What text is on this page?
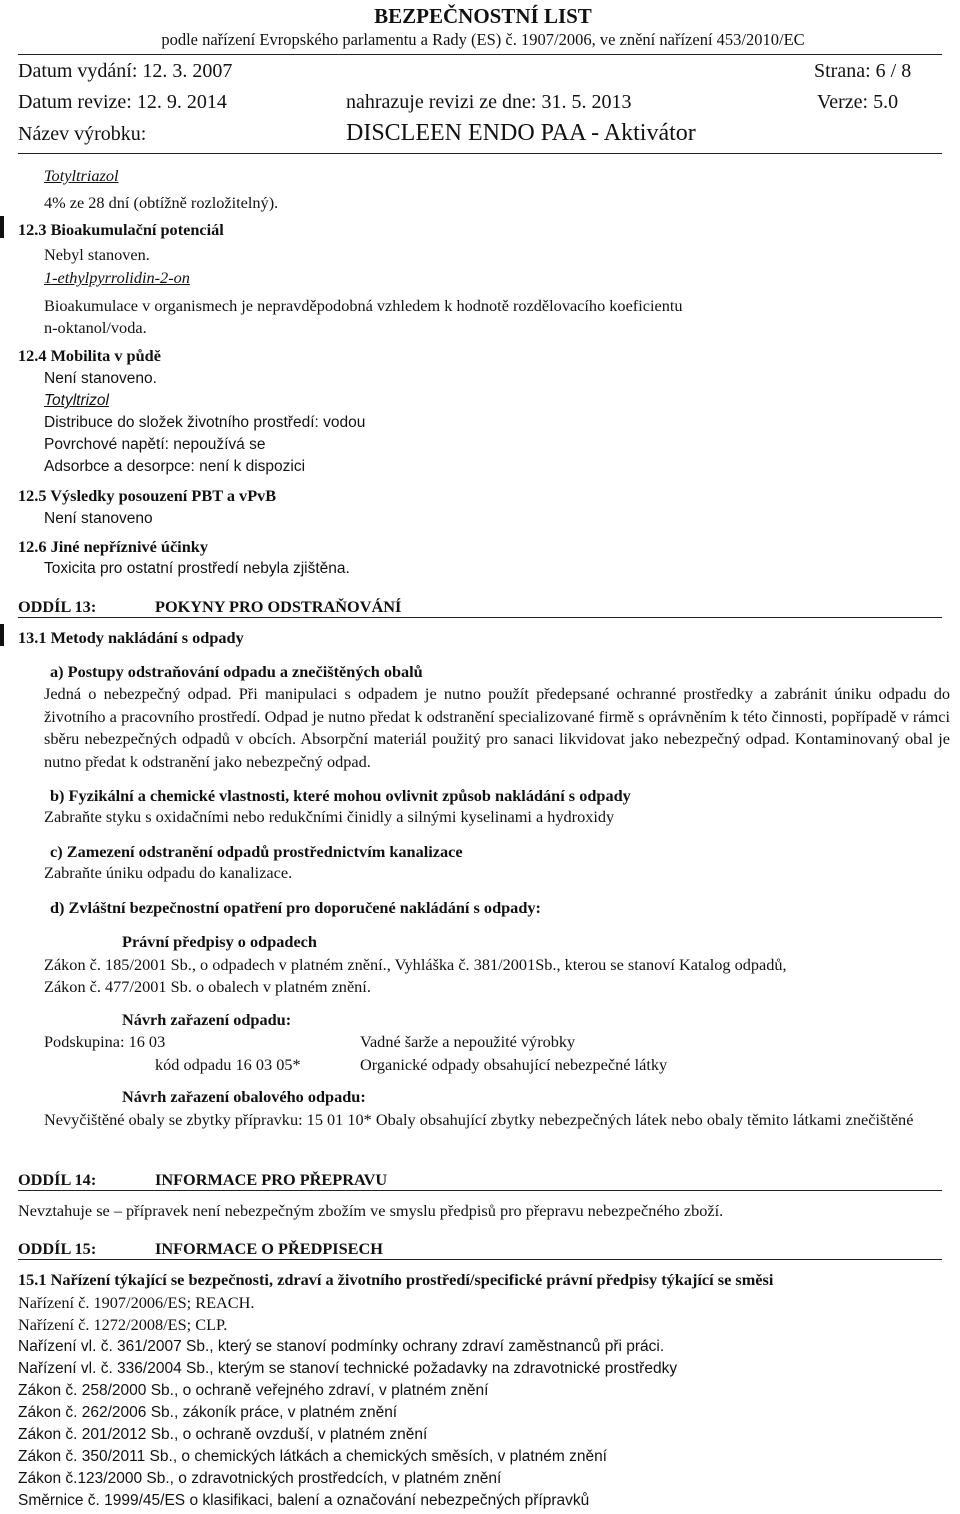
BEZPEČNOSTNÍ LIST
podle nařízení Evropského parlamentu a Rady (ES) č. 1907/2006, ve znění nařízení 453/2010/EC
Datum vydání: 12. 3. 2007	Strana: 6 / 8
Datum revize: 12. 9. 2014	nahrazuje revizi ze dne: 31. 5. 2013	Verze: 5.0
Název výrobku:	DISCLEEN ENDO PAA - Aktivátor
Totyltriazol
4% ze 28 dní (obtížně rozložitelný).
12.3 Bioakumulační potenciál
Nebyl stanoven.
1-ethylpyrrolidin-2-on
Bioakumulace v organismech je nepravděpodobná vzhledem k hodnotě rozdělovacího koeficientu
n-oktanol/voda.
12.4 Mobilita v půdě
Není stanoveno.
Totyltrizol
Distribuce do složek životního prostředí: vodou
Povrchové napětí: nepoužívá se
Adsorbce a desorpce: není k dispozici
12.5 Výsledky posouzení PBT a vPvB
Není stanoveno
12.6 Jiné nepříznivé účinky
Toxicita pro ostatní prostředí nebyla zjištěna.
ODDÍL 13:	POKYNY PRO ODSTRAŇOVÁNÍ
13.1 Metody nakládání s odpady
a) Postupy odstraňování odpadu a znečištěných obalů
Jedná o nebezpečný odpad. Při manipulaci s odpadem je nutno použít předepsané ochranné prostředky a zabránit úniku odpadu do životního a pracovního prostředí. Odpad je nutno předat k odstranění specializované firmě s oprávněním k této činnosti, popřípadě v rámci sběru nebezpečných odpadů v obcích. Absorpční materiál použitý pro sanaci likvidovat jako nebezpečný odpad. Kontaminovaný obal je nutno předat k odstranění jako nebezpečný odpad.
b) Fyzikální a chemické vlastnosti, které mohou ovlivnit způsob nakládání s odpady
Zabraňte styku s oxidačními nebo redukčními činidly a silnými kyselinami a hydroxidy
c) Zamezení odstranění odpadů prostřednictvím kanalizace
Zabraňte úniku odpadu do kanalizace.
d) Zvláštní bezpečnostní opatření pro doporučené nakládání s odpady:
Právní předpisy o odpadech
Zákon č. 185/2001 Sb., o odpadech v platném znění., Vyhláška č. 381/2001Sb., kterou se stanoví Katalog odpadů,
Zákon č. 477/2001 Sb. o obalech v platném znění.
Návrh zařazení odpadu:
Podskupina: 16 03	Vadné šarže a nepoužité výrobky
kód odpadu 16 03 05*	Organické odpady obsahující nebezpečné látky
Návrh zařazení obalového odpadu:
Nevyčištěné obaly se zbytky přípravku: 15 01 10* Obaly obsahující zbytky nebezpečných látek nebo obaly těmito látkami znečištěné
ODDÍL 14:	INFORMACE PRO PŘEPRAVU
Nevztahuje se – přípravek není nebezpečným zbožím ve smyslu předpisů pro přepravu nebezpečného zboží.
ODDÍL 15:	INFORMACE O PŘEDPISECH
15.1 Nařízení týkající se bezpečnosti, zdraví a životního prostředí/specifické právní předpisy týkající se směsi
Nařízení č. 1907/2006/ES; REACH.
Nařízení č. 1272/2008/ES; CLP.
Nařízení vl. č. 361/2007 Sb., který se stanoví podmínky ochrany zdraví zaměstnanců při práci.
Nařízení vl. č. 336/2004 Sb., kterým se stanoví technické požadavky na zdravotnické prostředky
Zákon č. 258/2000 Sb., o ochraně veřejného zdraví, v platném znění
Zákon č. 262/2006 Sb., zákoník práce, v platném znění
Zákon č. 201/2012 Sb., o ochraně ovzduší, v platném znění
Zákon č. 350/2011 Sb., o chemických látkách a chemických směsích, v platném znění
Zákon č.123/2000 Sb., o zdravotnických prostředcích, v platném znění
Směrnice č. 1999/45/ES o klasifikaci, balení a označování nebezpečných přípravků
